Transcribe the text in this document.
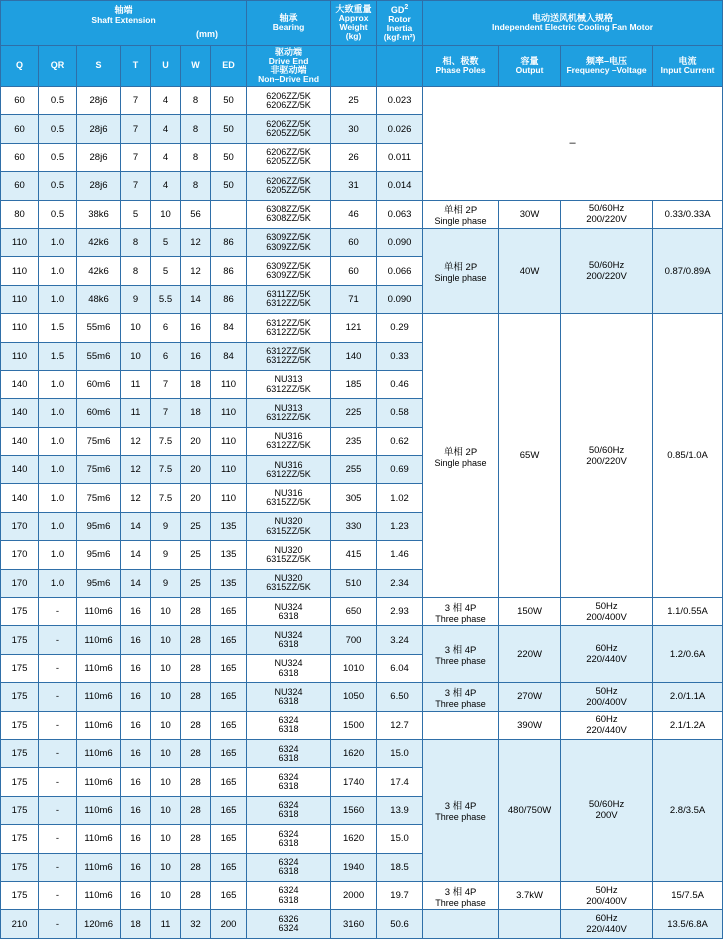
轴端
Shaft Extension
(mm)							轴承
Bearing	大致重量
Approx Weight
(kg)	$GD^2$
Rotor Inertia
(kgf·m²)	电动送风机械入规格
Independent Electric Cooling Fan Motor			

Q	QR	S	T	U	W	ED	驱动端
Drive End
非驱动端
Non–Drive End			相、极数
Phase Poles	容量
Output	频率–电压
Frequency –Voltage	电流
Input Current

60	0.5	28j6	7	4	8	50	6206ZZ/5K
6206ZZ/5K	25	0.023	–			
60	0.5	28j6	7	4	8	50	6206ZZ/5K
6205ZZ/5K	30	0.026				
60	0.5	28j6	7	4	8	50	6206ZZ/5K
6205ZZ/5K	26	0.011				
60	0.5	28j6	7	4	8	50	6206ZZ/5K
6205ZZ/5K	31	0.014				
80	0.5	38k6	5	10	56		6308ZZ/5K
6308ZZ/5K	46	0.063	单相 2P
Single phase	30W	50/60Hz
200/220V	0.33/0.33A
110	1.0	42k6	8	5	12	86	6309ZZ/5K
6309ZZ/5K	60	0.090	单相 2P
Single phase	40W	50/60Hz
200/220V	0.87/0.89A
110	1.0	42k6	8	5	12	86	6309ZZ/5K
6309ZZ/5K	60	0.066				
110	1.0	48k6	9	5.5	14	86	6311ZZ/5K
6312ZZ/5K	71	0.090				
110	1.5	55m6	10	6	16	84	6312ZZ/5K
6312ZZ/5K	121	0.29	单相 2P
Single phase	65W	50/60Hz
200/220V	0.85/1.0A
110	1.5	55m6	10	6	16	84	6312ZZ/5K
6312ZZ/5K	140	0.33				
140	1.0	60m6	11	7	18	110	NU313
6312ZZ/5K	185	0.46				
140	1.0	60m6	11	7	18	110	NU313
6312ZZ/5K	225	0.58				
140	1.0	75m6	12	7.5	20	110	NU316
6312ZZ/5K	235	0.62				
140	1.0	75m6	12	7.5	20	110	NU316
6312ZZ/5K	255	0.69				
140	1.0	75m6	12	7.5	20	110	NU316
6315ZZ/5K	305	1.02				
170	1.0	95m6	14	9	25	135	NU320
6315ZZ/5K	330	1.23				
170	1.0	95m6	14	9	25	135	NU320
6315ZZ/5K	415	1.46				
170	1.0	95m6	14	9	25	135	NU320
6315ZZ/5K	510	2.34				
175	-	110m6	16	10	28	165	NU324
6318	650	2.93	3 相 4P
Three phase	150W	50Hz
200/400V	1.1/0.55A
175	-	110m6	16	10	28	165	NU324
6318	700	3.24	3 相 4P
Three phase	220W	60Hz
220/440V	1.2/0.6A
175	-	110m6	16	10	28	165	NU324
6318	1010	6.04				
175	-	110m6	16	10	28	165	NU324
6318	1050	6.50	3 相 4P
Three phase	270W	50Hz
200/400V	2.0/1.1A
175	-	110m6	16	10	28	165	6324
6318	1500	12.7		390W	60Hz
220/440V	2.1/1.2A
175	-	110m6	16	10	28	165	6324
6318	1620	15.0	3 相 4P
Three phase	480/750W	50/60Hz
200V	2.8/3.5A
175	-	110m6	16	10	28	165	6324
6318	1740	17.4				
175	-	110m6	16	10	28	165	6324
6318	1560	13.9				
175	-	110m6	16	10	28	165	6324
6318	1620	15.0				
175	-	110m6	16	10	28	165	6324
6318	1940	18.5				
175	-	110m6	16	10	28	165	6324
6318	2000	19.7	3 相 4P
Three phase	3.7kW	50Hz
200/400V	15/7.5A
210	-	120m6	18	11	32	200	6326
6324	3160	50.6			60Hz
220/440V	13.5/6.8A
